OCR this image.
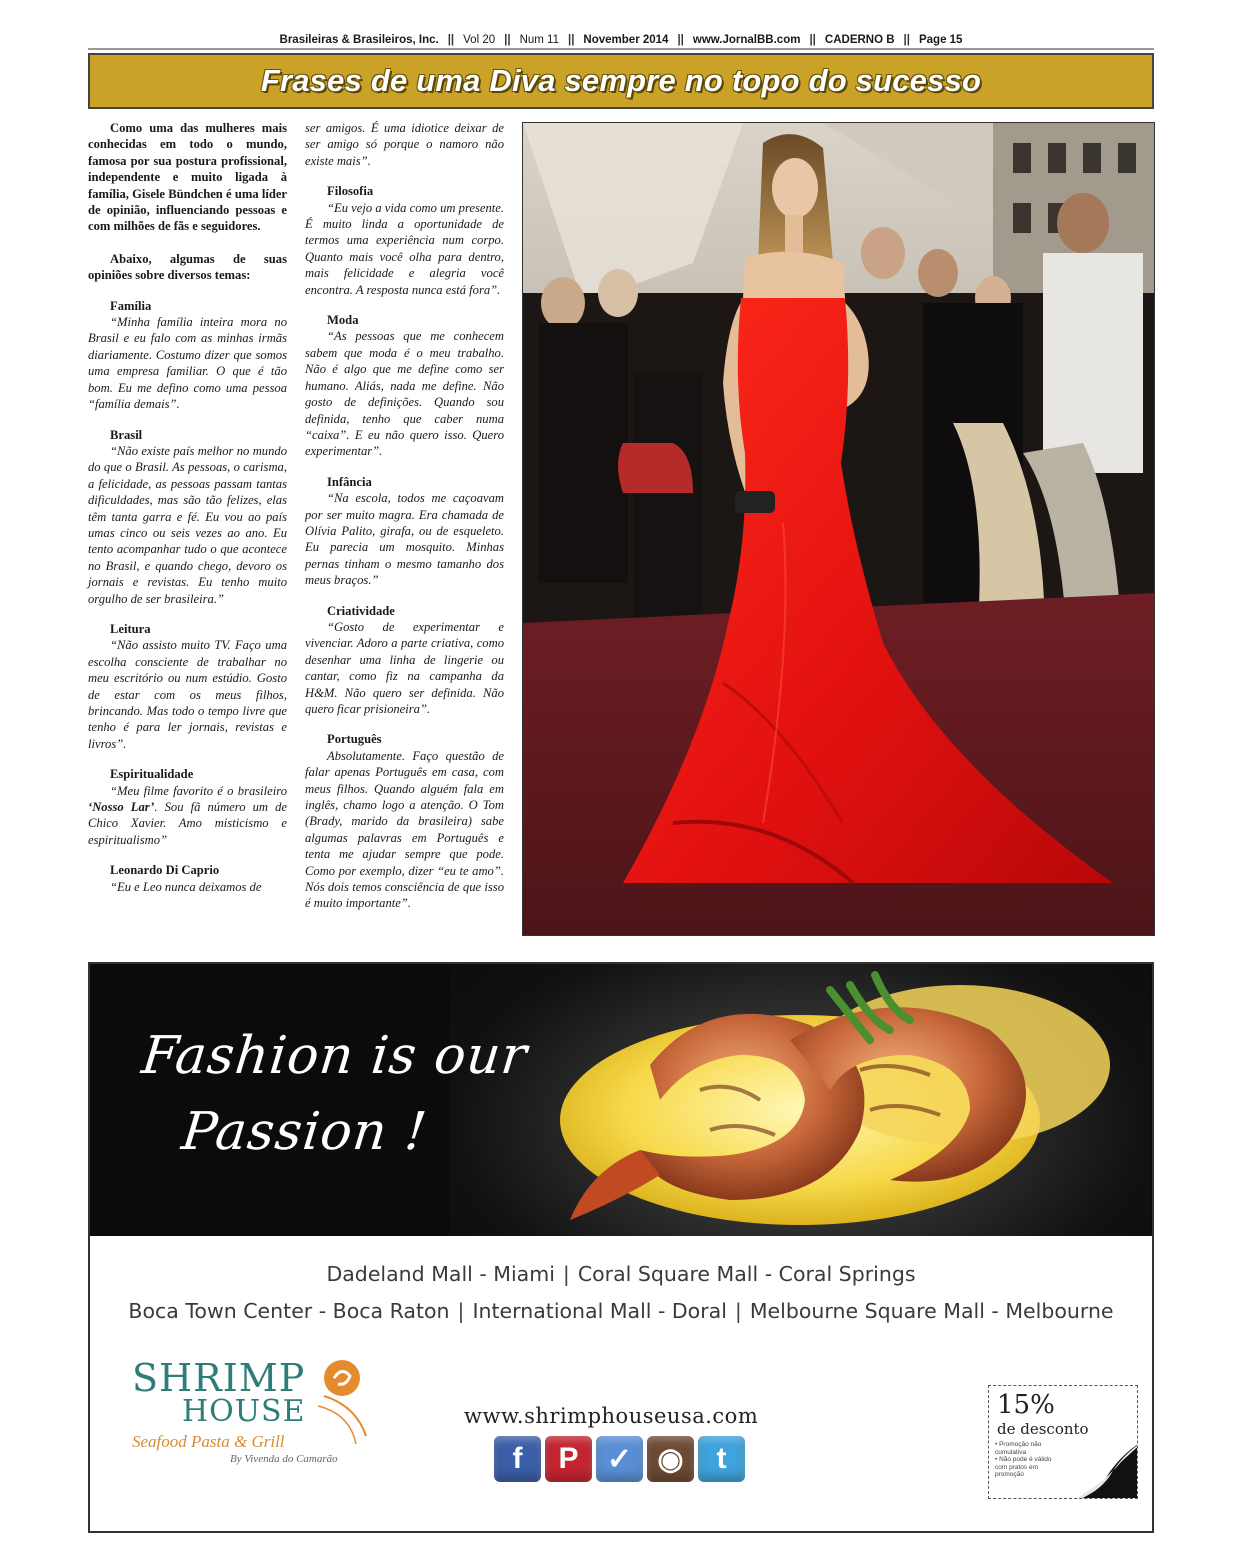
Brasileiras & Brasileiros, Inc. || Vol 20 || Num 11 || November 2014 || www.JornalBB.com || CADERNO B || Page 15
Frases de uma Diva sempre no topo do sucesso

Como uma das mulheres mais conhecidas em todo o mundo, famosa por sua postura profissional, independente e muito ligada à família, Gisele Bündchen é uma líder de opinião, influenciando pessoas e com milhões de fãs e seguidores.

Abaixo, algumas de suas opiniões sobre diversos temas:

Família

“Minha família inteira mora no Brasil e eu falo com as minhas irmãs diariamente. Costumo dizer que somos uma empresa familiar. O que é tão bom. Eu me defino como uma pessoa “família demais”.

Brasil

“Não existe país melhor no mundo do que o Brasil. As pessoas, o carisma, a felicidade, as pessoas passam tantas dificuldades, mas são tão felizes, elas têm tanta garra e fé. Eu vou ao país umas cinco ou seis vezes ao ano. Eu tento acompanhar tudo o que acontece no Brasil, e quando chego, devoro os jornais e revistas. Eu tenho muito orgulho de ser brasileira.”

Leitura

“Não assisto muito TV. Faço uma escolha consciente de trabalhar no meu escritório ou num estúdio. Gosto de estar com os meus filhos, brincando. Mas todo o tempo livre que tenho é para ler jornais, revistas e livros”.

Espiritualidade

“Meu filme favorito é o brasileiro ‘Nosso Lar’. Sou fã número um de Chico Xavier. Amo misticismo e espiritualismo”

Leonardo Di Caprio

“Eu e Leo nunca deixamos de

ser amigos. É uma idiotice deixar de ser amigo só porque o namoro não existe mais”.

Filosofia

“Eu vejo a vida como um presente. É muito linda a oportunidade de termos uma experiência num corpo. Quanto mais você olha para dentro, mais felicidade e alegria você encontra. A resposta nunca está fora”.

Moda

“As pessoas que me conhecem sabem que moda é o meu trabalho. Não é algo que me define como ser humano. Aliás, nada me define. Não gosto de definições. Quando sou definida, tenho que caber numa “caixa”. E eu não quero isso. Quero experimentar”.

Infância

“Na escola, todos me caçoavam por ser muito magra. Era chamada de Olívia Palito, girafa, ou de esqueleto. Eu parecia um mosquito. Minhas pernas tinham o mesmo tamanho dos meus braços.”

Criatividade

“Gosto de experimentar e vivenciar. Adoro a parte criativa, como desenhar uma linha de lingerie ou cantar, como fiz na campanha da H&M. Não quero ser definida. Não quero ficar prisioneira”.

Português

Absolutamente. Faço questão de falar apenas Português em casa, com meus filhos. Quando alguém fala em inglês, chamo logo a atenção. O Tom (Brady, marido da brasileira) sabe algumas palavras em Português e tenta me ajudar sempre que pode. Como por exemplo, dizer “eu te amo”. Nós dois temos consciência de que isso é muito importante”.

Fashion is our
Passion !
Dadeland Mall - Miami | Coral Square Mall - Coral Springs
Boca Town Center - Boca Raton | International Mall - Doral | Melbourne Square Mall - Melbourne
SHRIMP
HOUSE
Seafood Pasta & Grill
By Vivenda do Camarão
www.shrimphouseusa.com
f	P ✓ ◉	t
15%
de desconto
• Promoção não cumulativa
• Não pode é válido com pratos em promoção
